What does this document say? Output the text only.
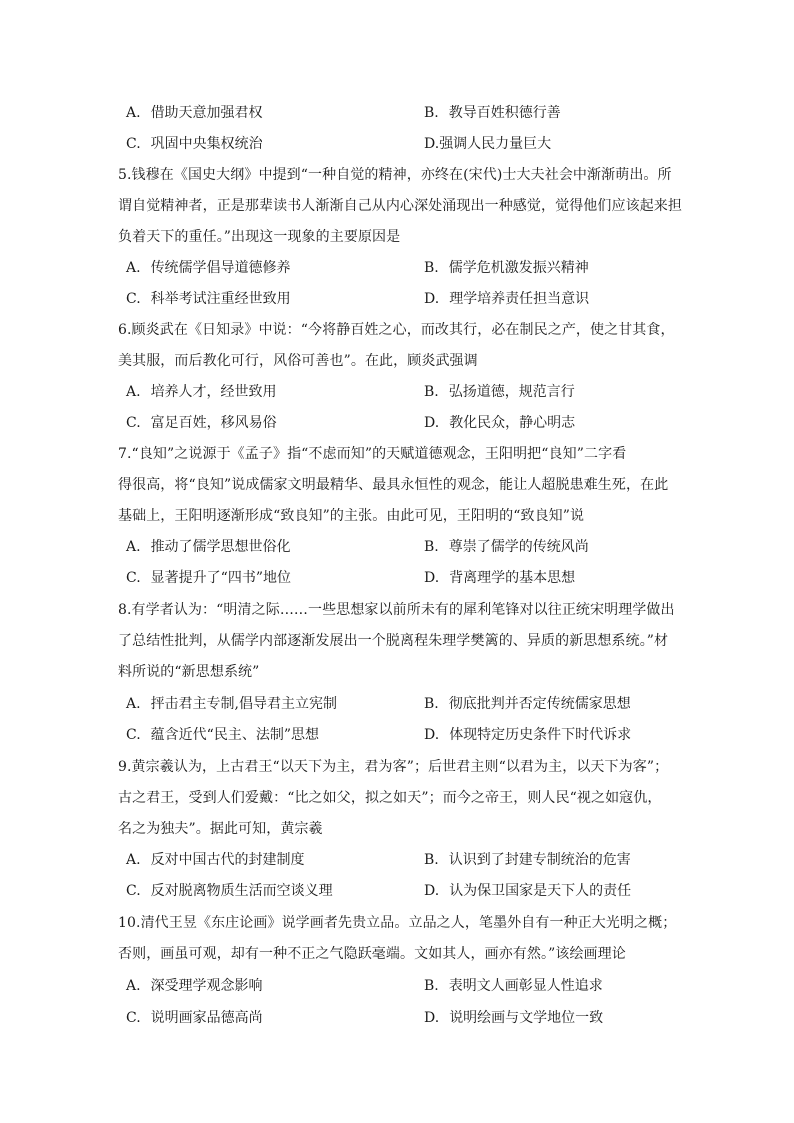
A. 借助天意加强君权	B. 教导百姓积德行善
C. 巩固中央集权统治	D.强调人民力量巨大
5.钱穆在《国史大纲》中提到“一种自觉的精神，亦终在(宋代)士大夫社会中渐渐萌出。所
谓自觉精神者，正是那辈读书人渐渐自己从内心深处涌现出一种感觉，觉得他们应该起来担
负着天下的重任。”出现这一现象的主要原因是
A. 传统儒学倡导道德修养	B. 儒学危机激发振兴精神
C. 科举考试注重经世致用	D. 理学培养责任担当意识
6.顾炎武在《日知录》中说：“今将静百姓之心，而改其行，必在制民之产，使之甘其食，
美其服，而后教化可行，风俗可善也”。在此，顾炎武强调
A. 培养人才，经世致用	B. 弘扬道德，规范言行
C. 富足百姓，移风易俗	D. 教化民众，静心明志
7.“良知”之说源于《孟子》指“不虑而知”的天赋道德观念，王阳明把“良知”二字看
得很高，将“良知”说成儒家文明最精华、最具永恒性的观念，能让人超脱患难生死，在此
基础上，王阳明逐渐形成“致良知”的主张。由此可见，王阳明的“致良知”说
A. 推动了儒学思想世俗化	B. 尊崇了儒学的传统风尚
C. 显著提升了“四书”地位	D. 背离理学的基本思想
8.有学者认为：“明清之际……一些思想家以前所未有的犀利笔锋对以往正统宋明理学做出
了总结性批判，从儒学内部逐渐发展出一个脱离程朱理学樊篱的、异质的新思想系统。”材
料所说的“新思想系统”
A. 抨击君主专制,倡导君主立宪制	B. 彻底批判并否定传统儒家思想
C. 蕴含近代“民主、法制”思想	D. 体现特定历史条件下时代诉求
9.黄宗羲认为，上古君王“以天下为主，君为客”；后世君主则“以君为主，以天下为客”；
古之君王，受到人们爱戴：“比之如父，拟之如天”；而今之帝王，则人民“视之如寇仇，
名之为独夫”。据此可知，黄宗羲
A. 反对中国古代的封建制度	B. 认识到了封建专制统治的危害
C. 反对脱离物质生活而空谈义理	D. 认为保卫国家是天下人的责任
10.清代王昱《东庄论画》说学画者先贵立品。立品之人，笔墨外自有一种正大光明之概；
否则，画虽可观，却有一种不正之气隐跃毫端。文如其人，画亦有然。”该绘画理论
A. 深受理学观念影响	B. 表明文人画彰显人性追求
C. 说明画家品德高尚	D. 说明绘画与文学地位一致
